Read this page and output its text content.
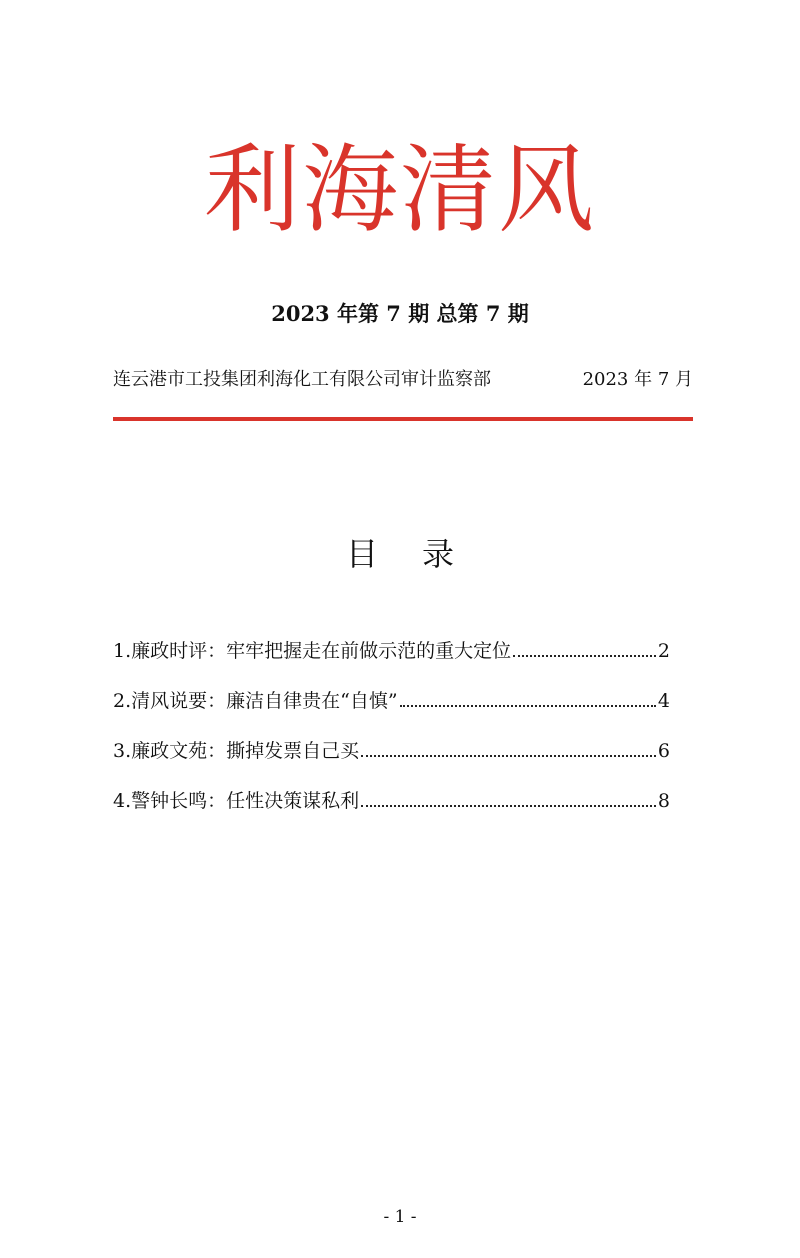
利海清风
2023 年第 7 期 总第 7 期
连云港市工投集团利海化工有限公司审计监察部	2023 年 7 月
目录
1.廉政时评：牢牢把握走在前做示范的重大定位	2
2.清风说要：廉洁自律贵在“自慎”	4
3.廉政文苑：撕掉发票自己买	6
4.警钟长鸣：任性决策谋私利	8
- 1 -
